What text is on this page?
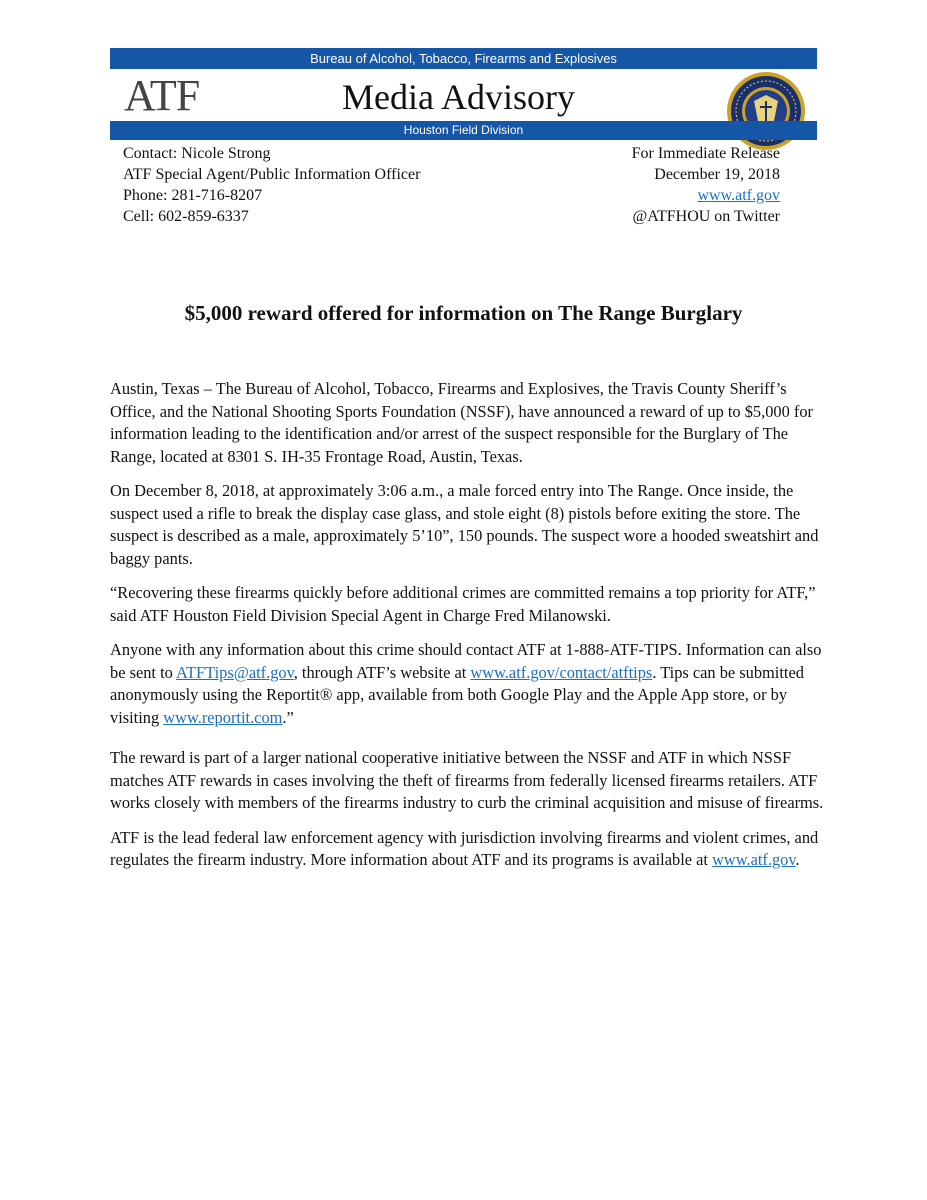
Bureau of Alcohol, Tobacco, Firearms and Explosives
ATF	Media Advisory
Houston Field Division
Contact: Nicole Strong
ATF Special Agent/Public Information Officer
Phone: 281-716-8207
Cell: 602-859-6337
For Immediate Release
December 19, 2018
www.atf.gov
@ATFHOU on Twitter
$5,000 reward offered for information on The Range Burglary

Austin, Texas – The Bureau of Alcohol, Tobacco, Firearms and Explosives, the Travis County Sheriff’s Office, and the National Shooting Sports Foundation (NSSF), have announced a reward of up to $5,000 for information leading to the identification and/or arrest of the suspect responsible for the Burglary of The Range, located at 8301 S. IH-35 Frontage Road, Austin, Texas.

On December 8, 2018, at approximately 3:06 a.m., a male forced entry into The Range. Once inside, the suspect used a rifle to break the display case glass, and stole eight (8) pistols before exiting the store. The suspect is described as a male, approximately 5’10”, 150 pounds. The suspect wore a hooded sweatshirt and baggy pants.

“Recovering these firearms quickly before additional crimes are committed remains a top priority for ATF,” said ATF Houston Field Division Special Agent in Charge Fred Milanowski.

Anyone with any information about this crime should contact ATF at 1-888-ATF-TIPS. Information can also be sent to ATFTips@atf.gov, through ATF’s website at www.atf.gov/contact/atftips. Tips can be submitted anonymously using the Reportit® app, available from both Google Play and the Apple App store, or by visiting www.reportit.com.”

The reward is part of a larger national cooperative initiative between the NSSF and ATF in which NSSF matches ATF rewards in cases involving the theft of firearms from federally licensed firearms retailers. ATF works closely with members of the firearms industry to curb the criminal acquisition and misuse of firearms.

ATF is the lead federal law enforcement agency with jurisdiction involving firearms and violent crimes, and regulates the firearm industry. More information about ATF and its programs is available at www.atf.gov.
